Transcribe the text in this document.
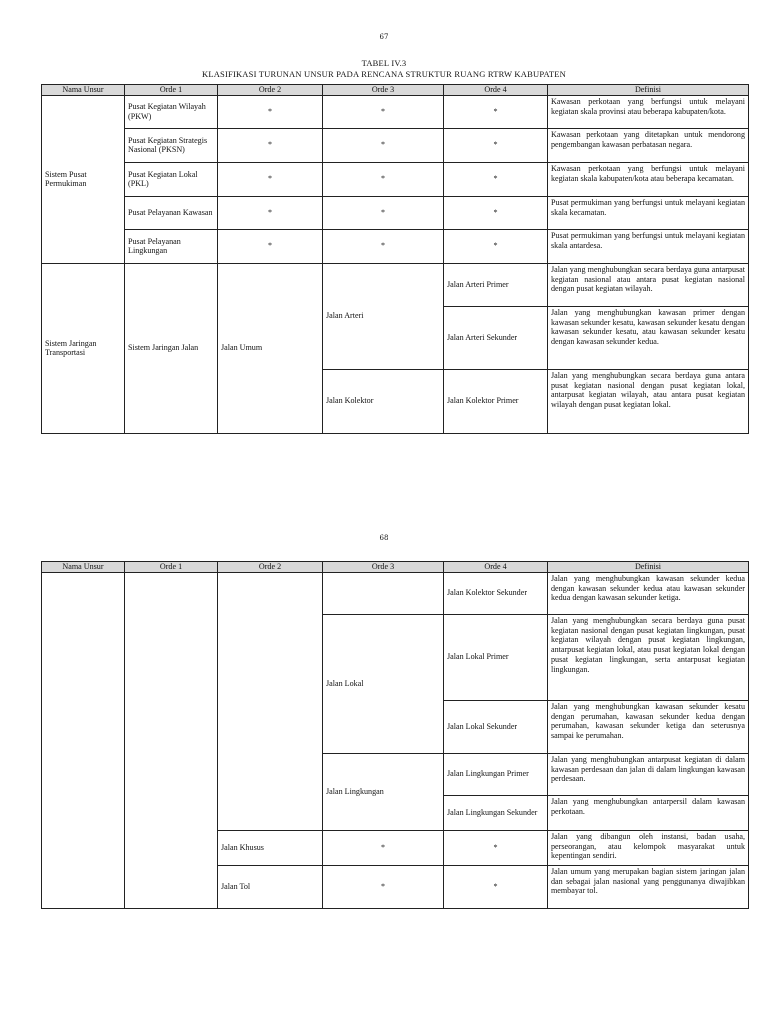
67
TABEL IV.3
KLASIFIKASI TURUNAN UNSUR PADA RENCANA STRUKTUR RUANG RTRW KABUPATEN
Nama Unsur	Orde 1	Orde 2	Orde 3	Orde 4	Definisi
Sistem Pusat Permukiman	Pusat Kegiatan Wilayah (PKW)	*	*	*	Kawasan perkotaan yang berfungsi untuk melayani kegiatan skala provinsi atau beberapa kabupaten/kota.
	Pusat Kegiatan Strategis Nasional (PKSN)	*	*	*	Kawasan perkotaan yang ditetapkan untuk mendorong pengembangan kawasan perbatasan negara.
	Pusat Kegiatan Lokal (PKL)	*	*	*	Kawasan perkotaan yang berfungsi untuk melayani kegiatan skala kabupaten/kota atau beberapa kecamatan.
	Pusat Pelayanan Kawasan	*	*	*	Pusat permukiman yang berfungsi untuk melayani kegiatan skala kecamatan.
	Pusat Pelayanan Lingkungan	*	*	*	Pusat permukiman yang berfungsi untuk melayani kegiatan skala antardesa.
Sistem Jaringan Transportasi	Sistem Jaringan Jalan	Jalan Umum	Jalan Arteri	Jalan Arteri Primer	Jalan yang menghubungkan secara berdaya guna antarpusat kegiatan nasional atau antara pusat kegiatan nasional dengan pusat kegiatan wilayah.
				Jalan Arteri Sekunder	Jalan yang menghubungkan kawasan primer dengan kawasan sekunder kesatu, kawasan sekunder kesatu dengan kawasan sekunder kesatu, atau kawasan sekunder kesatu dengan kawasan sekunder kedua.
			Jalan Kolektor	Jalan Kolektor Primer	Jalan yang menghubungkan secara berdaya guna antara pusat kegiatan nasional dengan pusat kegiatan lokal, antarpusat kegiatan wilayah, atau antara pusat kegiatan wilayah dengan pusat kegiatan lokal.
68
Nama Unsur	Orde 1	Orde 2	Orde 3	Orde 4	Definisi
				Jalan Kolektor Sekunder	Jalan yang menghubungkan kawasan sekunder kedua dengan kawasan sekunder kedua atau kawasan sekunder kedua dengan kawasan sekunder ketiga.
			Jalan Lokal	Jalan Lokal Primer	Jalan yang menghubungkan secara berdaya guna pusat kegiatan nasional dengan pusat kegiatan lingkungan, pusat kegiatan wilayah dengan pusat kegiatan lingkungan, antarpusat kegiatan lokal, atau pusat kegiatan lokal dengan pusat kegiatan lingkungan, serta antarpusat kegiatan lingkungan.
				Jalan Lokal Sekunder	Jalan yang menghubungkan kawasan sekunder kesatu dengan perumahan, kawasan sekunder kedua dengan perumahan, kawasan sekunder ketiga dan seterusnya sampai ke perumahan.
			Jalan Lingkungan	Jalan Lingkungan Primer	Jalan yang menghubungkan antarpusat kegiatan di dalam kawasan perdesaan dan jalan di dalam lingkungan kawasan perdesaan.
				Jalan Lingkungan Sekunder	Jalan yang menghubungkan antarpersil dalam kawasan perkotaan.

		Jalan Khusus	*	*	Jalan yang dibangun oleh instansi, badan usaha, perseorangan, atau kelompok masyarakat untuk kepentingan sendiri.
		Jalan Tol	*	*	Jalan umum yang merupakan bagian sistem jaringan jalan dan sebagai jalan nasional yang penggunanya diwajibkan membayar tol.
